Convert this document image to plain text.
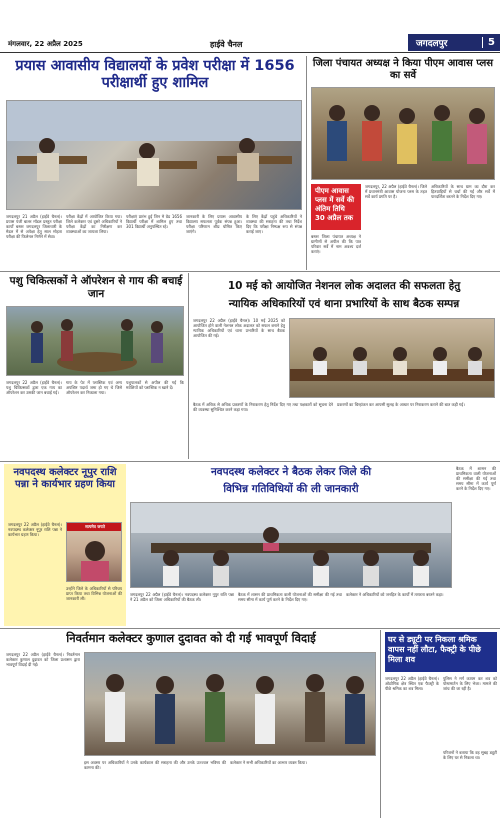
मंगलवार, 22 अप्रैल 2025	हाईवे चैनल	जगदलपुर	5
प्रयास आवासीय विद्यालयों के प्रवेश परीक्षा में 1656 परीक्षार्थी हुए शामिल
जगदलपुर 21 अप्रैल (हाईवे चैनल)। प्रयास पंजी बालर मॉडल प्रस्तुत परीक्षा कार्यों बस्तर जगदलपुर जिलाधारी के मेडल में से अपेक्षा हेतु साल मोहता परीक्षा की फिलेनल निर्णने में सेवा।
परीक्षा केंद्रों में आयोजित किया गया। जिले कलेक्टर एवं दूसरे अधिकारियों ने परीक्षा केंद्रों का निरीक्षण कर व्यवस्थाओं का जायजा लिया।
परीक्षाएं प्रारंभ हुई जिन मे ग्रेड 1656 विद्यार्थी परीक्षा में शामिल हुए तथा 301 विद्यार्थी अनुपस्थित रहे।
जानकारी के लिए प्रयास आवासीय विद्यालय सफलता पूर्वक संपन्न हुआ। परीक्षा परिणाम शीघ्र घोषित किए जाएंगे।
के लिए केंद्रों पहुंचे अधिकारियों ने व्यवस्था की सराहना की तथा निर्देश दिए कि परीक्षा निष्पक्ष रूप से संपन्न कराई जाए।
जिला पंचायत अध्यक्ष ने किया पीएम आवास प्लस का सर्वे
पीएम आवास प्लस में सर्वे की अंतिम तिथि 30 अप्रैल तक
जगदलपुर, 22 अप्रैल (हाईवे चैनल)। जिले में प्रधानमंत्री आवास योजना प्लस के तहत सर्वे कार्य प्रगति पर है।
अधिकारियों के साथ ग्राम का दौरा कर हितग्राहियों से चर्चा की गई और सर्वे में पारदर्शिता बरतने के निर्देश दिए गए।
बस्तर जिला पंचायत अध्यक्ष ने ग्रामीणों से अपील की कि पात्र परिवार सर्वे में नाम अवश्य दर्ज कराएं।
पशु चिकित्सकों ने ऑपरेशन से गाय की बचाई जान
जगदलपुर 22 अप्रैल (हाईवे चैनल)। पशु चिकित्सकों द्वारा एक गाय का ऑपरेशन कर उसकी जान बचाई गई।
गाय के पेट में प्लास्टिक एवं अन्य अपशिष्ट पदार्थ जमा हो गए थे जिसे ऑपरेशन कर निकाला गया।
पशुपालकों से अपील की गई कि मवेशियों को प्लास्टिक न खाने दें।
10 मई को आयोजित नेशनल लोक अदालत की सफलता हेतु
न्यायिक अधिकारियों एवं थाना प्रभारियों के साथ बैठक सम्पन्न
जगदलपुर 22 अप्रैल (हाईवे चैनल)। 10 मई 2025 को आयोजित होने वाली नेशनल लोक अदालत को सफल बनाने हेतु न्यायिक अधिकारियों एवं थाना प्रभारियों के साथ बैठक आयोजित की गई।
बैठक में अधिक से अधिक प्रकरणों के निराकरण हेतु निर्देश दिए गए तथा पक्षकारों को सूचना देने की व्यवस्था सुनिश्चित करने कहा गया।
प्रकरणों का चिन्हांकन कर आपसी सुलह के आधार पर निराकरण कराने की बात कही गई।
नवपदस्थ कलेक्टर नूपुर राशि पन्ना ने कार्यभार ग्रहण किया
जगदलपुर 22 अप्रैल (हाईवे चैनल)। नवपदस्थ कलेक्टर नूपुर राशि पन्ना ने कार्यभार ग्रहण किया।
सत्यमेव जयते
उन्होंने जिले के अधिकारियों से परिचय प्राप्त किया तथा विभिन्न योजनाओं की जानकारी ली।
नवपदस्थ कलेक्टर ने बैठक लेकर जिले की
विभिन्न गतिविधियों की ली जानकारी
जगदलपुर 22 अप्रैल (हाईवे चैनल)। नवपदस्थ कलेक्टर नूपुर राशि पन्ना ने 21 अप्रैल को जिला अधिकारियों की बैठक ली।
बैठक में शासन की प्राथमिकता वाली योजनाओं की समीक्षा की गई तथा समय सीमा में कार्य पूर्ण करने के निर्देश दिए गए।
कलेक्टर ने अधिकारियों को जनहित के कार्यों में तत्परता बरतने कहा।
बैठक में शासन की प्राथमिकता वाली योजनाओं की समीक्षा की गई तथा समय सीमा में कार्य पूर्ण करने के निर्देश दिए गए।
निवर्तमान कलेक्टर कुणाल दुदावत को दी गई भावपूर्ण विदाई
जगदलपुर 22 अप्रैल (हाईवे चैनल)। निवर्तमान कलेक्टर कुणाल दुदावत को जिला प्रशासन द्वारा भावपूर्ण विदाई दी गई।
इस अवसर पर अधिकारियों ने उनके कार्यकाल की सराहना की और उनके उज्ज्वल भविष्य की कामना की।
कलेक्टर ने सभी अधिकारियों का आभार व्यक्त किया।
घर से ड्यूटी पर निकला श्रमिक वापस नहीं लौटा, फैक्ट्री के पीछे मिला शव
जगदलपुर 22 अप्रैल (हाईवे चैनल)। ओद्योगिक क्षेत्र स्थित एक फैक्ट्री के पीछे श्रमिक का शव मिला।
पुलिस ने मर्ग कायम कर शव को पोस्टमार्टम के लिए भेजा। मामले की जांच की जा रही है।
परिजनों ने बताया कि वह सुबह ड्यूटी के लिए घर से निकला था।
